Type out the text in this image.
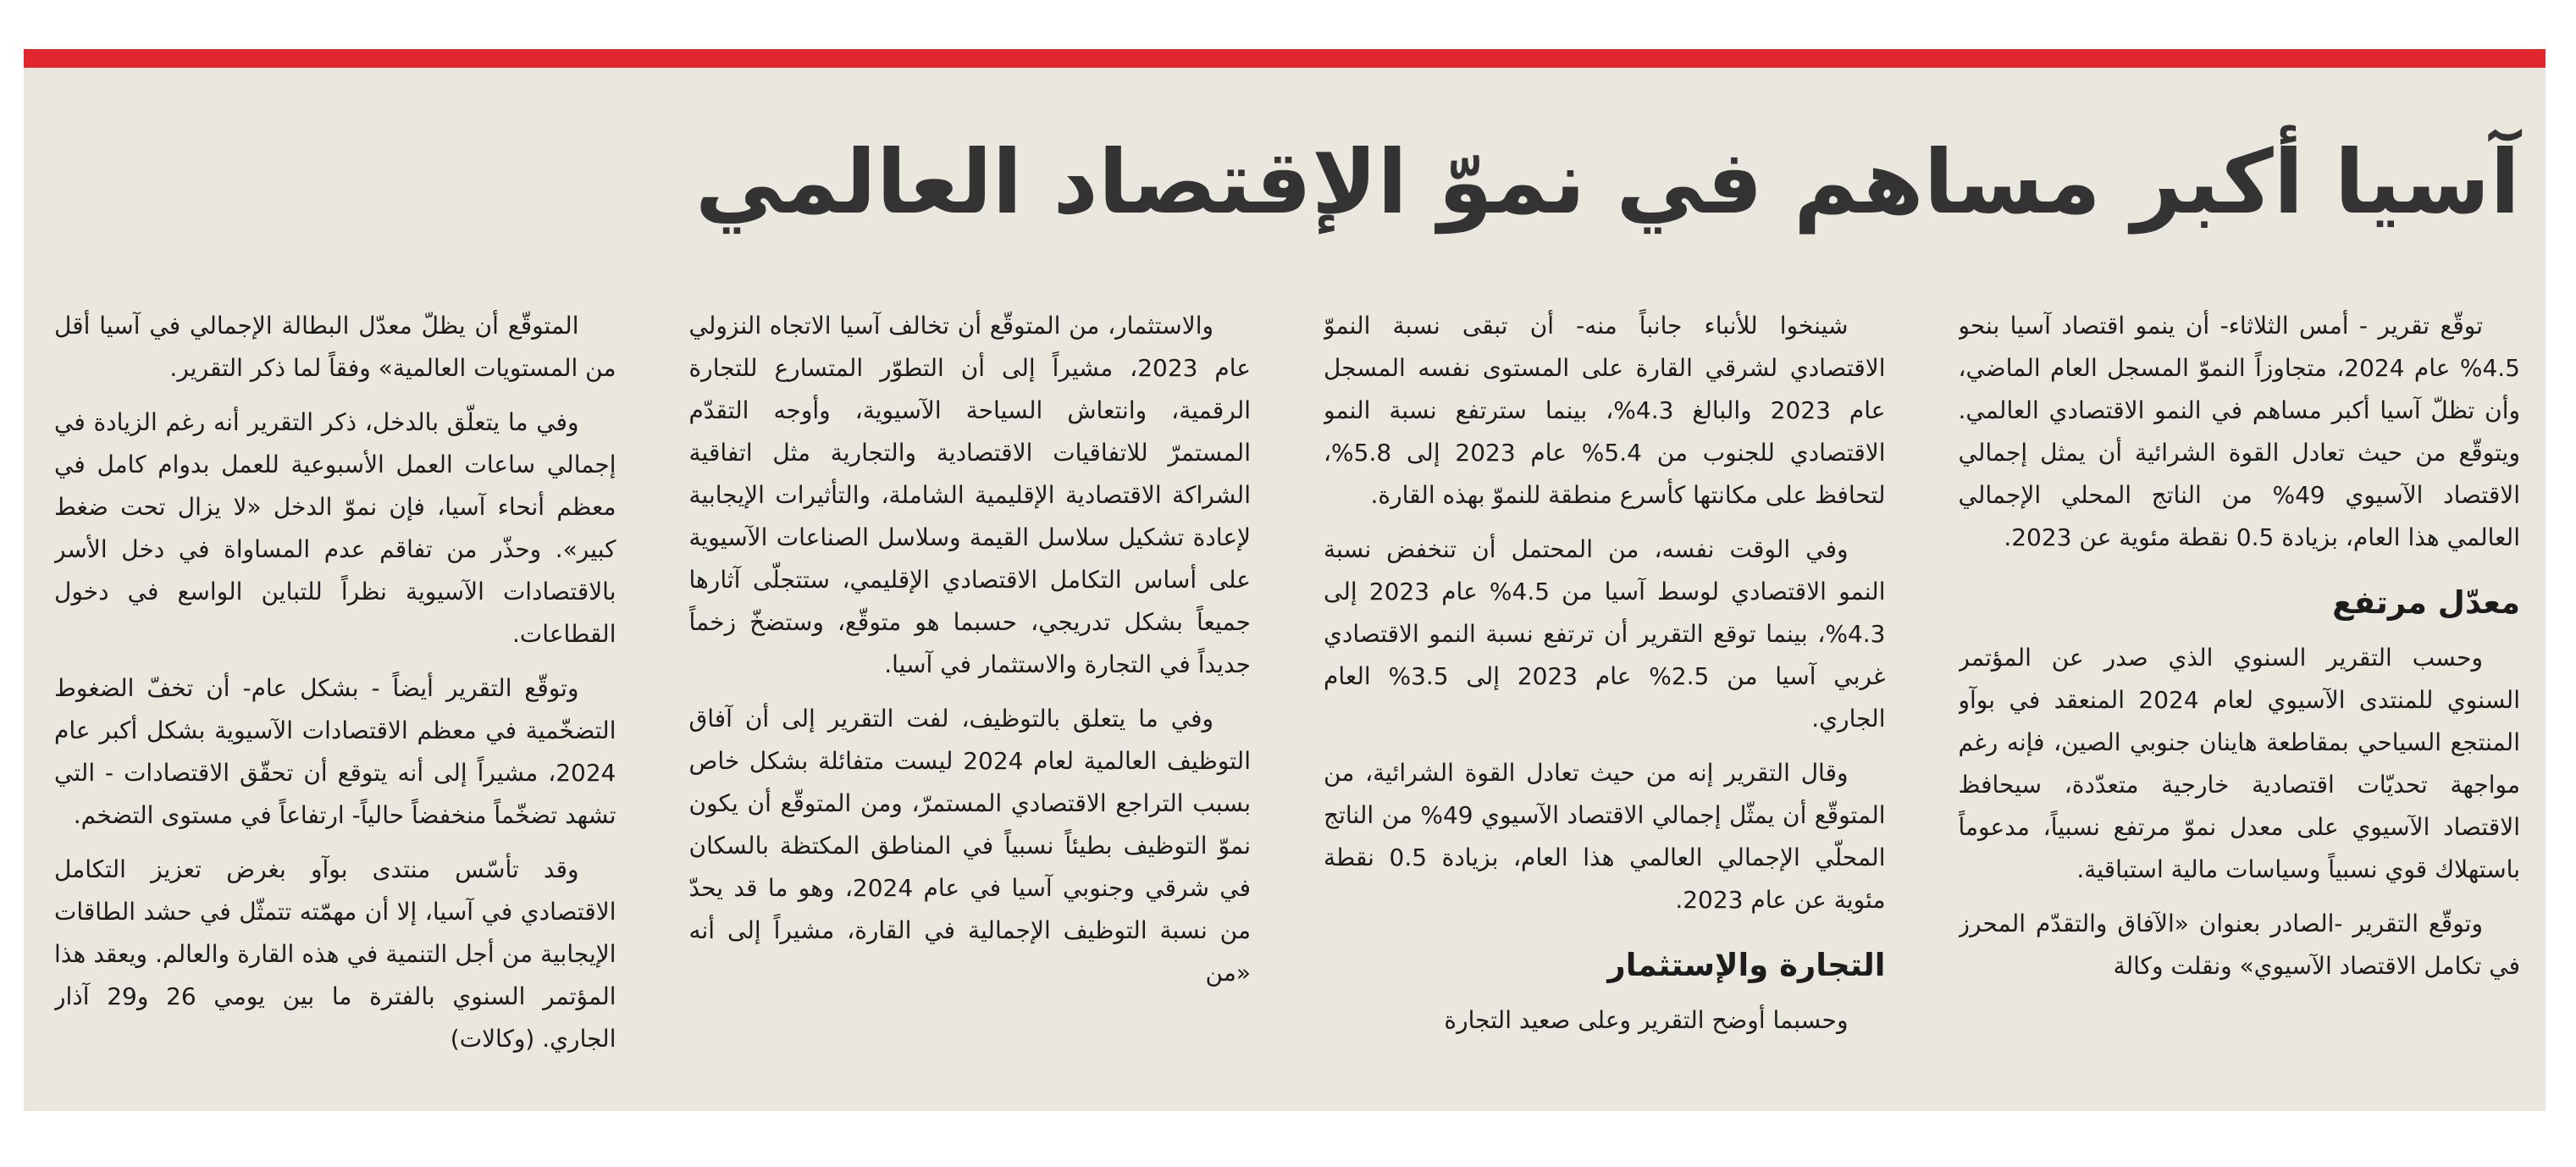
آسيا أكبر مساهم في نموّ الإقتصاد العالمي

توقّع تقرير - أمس الثلاثاء- أن ينمو اقتصاد آسيا بنحو 4.5% عام 2024، متجاوزاً النموّ المسجل العام الماضي، وأن تظلّ آسيا أكبر مساهم في النمو الاقتصادي العالمي. ويتوقّع من حيث تعادل القوة الشرائية أن يمثل إجمالي الاقتصاد الآسيوي 49% من الناتج المحلي الإجمالي العالمي هذا العام، بزيادة 0.5 نقطة مئوية عن 2023.

معدّل مرتفع

وحسب التقرير السنوي الذي صدر عن المؤتمر السنوي للمنتدى الآسيوي لعام 2024 المنعقد في بوآو المنتجع السياحي بمقاطعة هاينان جنوبي الصين، فإنه رغم مواجهة تحديّات اقتصادية خارجية متعدّدة، سيحافظ الاقتصاد الآسيوي على معدل نموّ مرتفع نسبياً، مدعوماً باستهلاك قوي نسبياً وسياسات مالية استباقية.

وتوقّع التقرير -الصادر بعنوان «الآفاق والتقدّم المحرز في تكامل الاقتصاد الآسيوي» ونقلت وكالة

شينخوا للأنباء جانباً منه- أن تبقى نسبة النموّ الاقتصادي لشرقي القارة على المستوى نفسه المسجل عام 2023 والبالغ 4.3%، بينما سترتفع نسبة النمو الاقتصادي للجنوب من 5.4% عام 2023 إلى 5.8%، لتحافظ على مكانتها كأسرع منطقة للنموّ بهذه القارة.

وفي الوقت نفسه، من المحتمل أن تنخفض نسبة النمو الاقتصادي لوسط آسيا من 4.5% عام 2023 إلى 4.3%، بينما توقع التقرير أن ترتفع نسبة النمو الاقتصادي غربي آسيا من 2.5% عام 2023 إلى 3.5% العام الجاري.

وقال التقرير إنه من حيث تعادل القوة الشرائية، من المتوقّع أن يمثّل إجمالي الاقتصاد الآسيوي 49% من الناتج المحلّي الإجمالي العالمي هذا العام، بزيادة 0.5 نقطة مئوية عن عام 2023.

التجارة والإستثمار

وحسبما أوضح التقرير وعلى صعيد التجارة

والاستثمار، من المتوقّع أن تخالف آسيا الاتجاه النزولي عام 2023، مشيراً إلى أن التطوّر المتسارع للتجارة الرقمية، وانتعاش السياحة الآسيوية، وأوجه التقدّم المستمرّ للاتفاقيات الاقتصادية والتجارية مثل اتفاقية الشراكة الاقتصادية الإقليمية الشاملة، والتأثيرات الإيجابية لإعادة تشكيل سلاسل القيمة وسلاسل الصناعات الآسيوية على أساس التكامل الاقتصادي الإقليمي، ستتجلّى آثارها جميعاً بشكل تدريجي، حسبما هو متوقّع، وستضخّ زخماً جديداً في التجارة والاستثمار في آسيا.

وفي ما يتعلق بالتوظيف، لفت التقرير إلى أن آفاق التوظيف العالمية لعام 2024 ليست متفائلة بشكل خاص بسبب التراجع الاقتصادي المستمرّ، ومن المتوقّع أن يكون نموّ التوظيف بطيئاً نسبياً في المناطق المكتظة بالسكان في شرقي وجنوبي آسيا في عام 2024، وهو ما قد يحدّ من نسبة التوظيف الإجمالية في القارة، مشيراً إلى أنه «من

المتوقّع أن يظلّ معدّل البطالة الإجمالي في آسيا أقل من المستويات العالمية» وفقاً لما ذكر التقرير.

وفي ما يتعلّق بالدخل، ذكر التقرير أنه رغم الزيادة في إجمالي ساعات العمل الأسبوعية للعمل بدوام كامل في معظم أنحاء آسيا، فإن نموّ الدخل «لا يزال تحت ضغط كبير». وحذّر من تفاقم عدم المساواة في دخل الأسر بالاقتصادات الآسيوية نظراً للتباين الواسع في دخول القطاعات.

وتوقّع التقرير أيضاً - بشكل عام- أن تخفّ الضغوط التضخّمية في معظم الاقتصادات الآسيوية بشكل أكبر عام 2024، مشيراً إلى أنه يتوقع أن تحقّق الاقتصادات - التي تشهد تضخّماً منخفضاً حالياً- ارتفاعاً في مستوى التضخم.

وقد تأسّس منتدى بوآو بغرض تعزيز التكامل الاقتصادي في آسيا، إلا أن مهمّته تتمثّل في حشد الطاقات الإيجابية من أجل التنمية في هذه القارة والعالم. ويعقد هذا المؤتمر السنوي بالفترة ما بين يومي 26 و29 آذار الجاري. (وكالات)
